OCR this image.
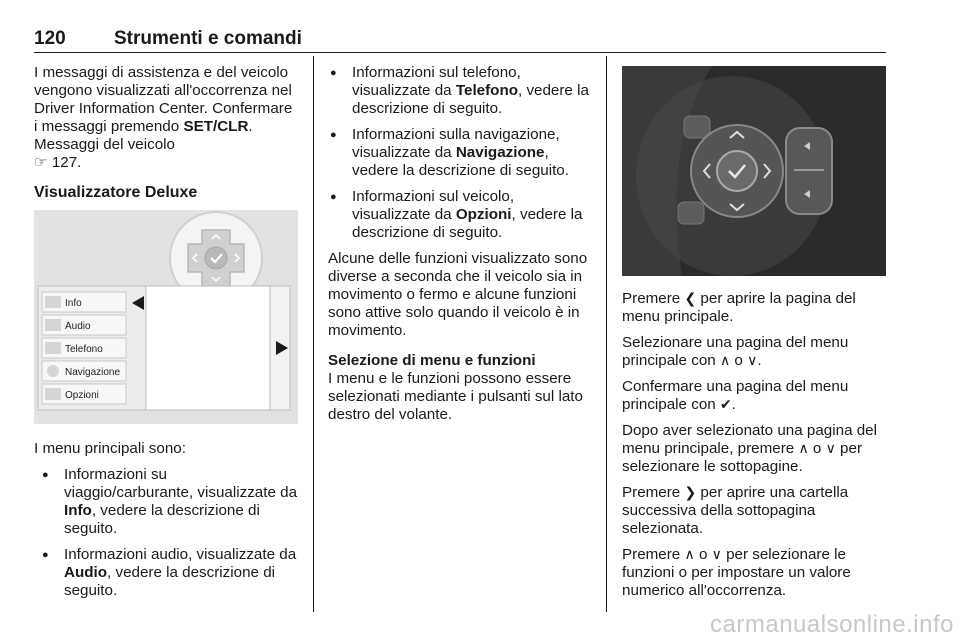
120	Strumenti e comandi

I messaggi di assistenza e del veicolo vengono visualizzati all'occorrenza nel Driver Information Center. Confermare i messaggi premendo SET/CLR. Messaggi del veicolo
☞ 127.

Visualizzatore Deluxe
Info
Audio
Telefono
Navigazione
Opzioni

I menu principali sono:

● Informazioni su viaggio/carburante, visualizzate da Info, vedere la descrizione di seguito.
● Informazioni audio, visualizzate da Audio, vedere la descrizione di seguito.
● Informazioni sul telefono, visualizzate da Telefono, vedere la descrizione di seguito.
● Informazioni sulla navigazione, visualizzate da Navigazione, vedere la descrizione di seguito.
● Informazioni sul veicolo, visualizzate da Opzioni, vedere la descrizione di seguito.

Alcune delle funzioni visualizzato sono diverse a seconda che il veicolo sia in movimento o fermo e alcune funzioni sono attive solo quando il veicolo è in movimento.

Selezione di menu e funzioni

I menu e le funzioni possono essere selezionati mediante i pulsanti sul lato destro del volante.

Premere ❮ per aprire la pagina del menu principale.

Selezionare una pagina del menu principale con ∧ o ∨.

Confermare una pagina del menu principale con ✔.

Dopo aver selezionato una pagina del menu principale, premere ∧ o ∨ per selezionare le sottopagine.

Premere ❯ per aprire una cartella successiva della sottopagina selezionata.

Premere ∧ o ∨ per selezionare le funzioni o per impostare un valore numerico all'occorrenza.

carmanualsonline.info
